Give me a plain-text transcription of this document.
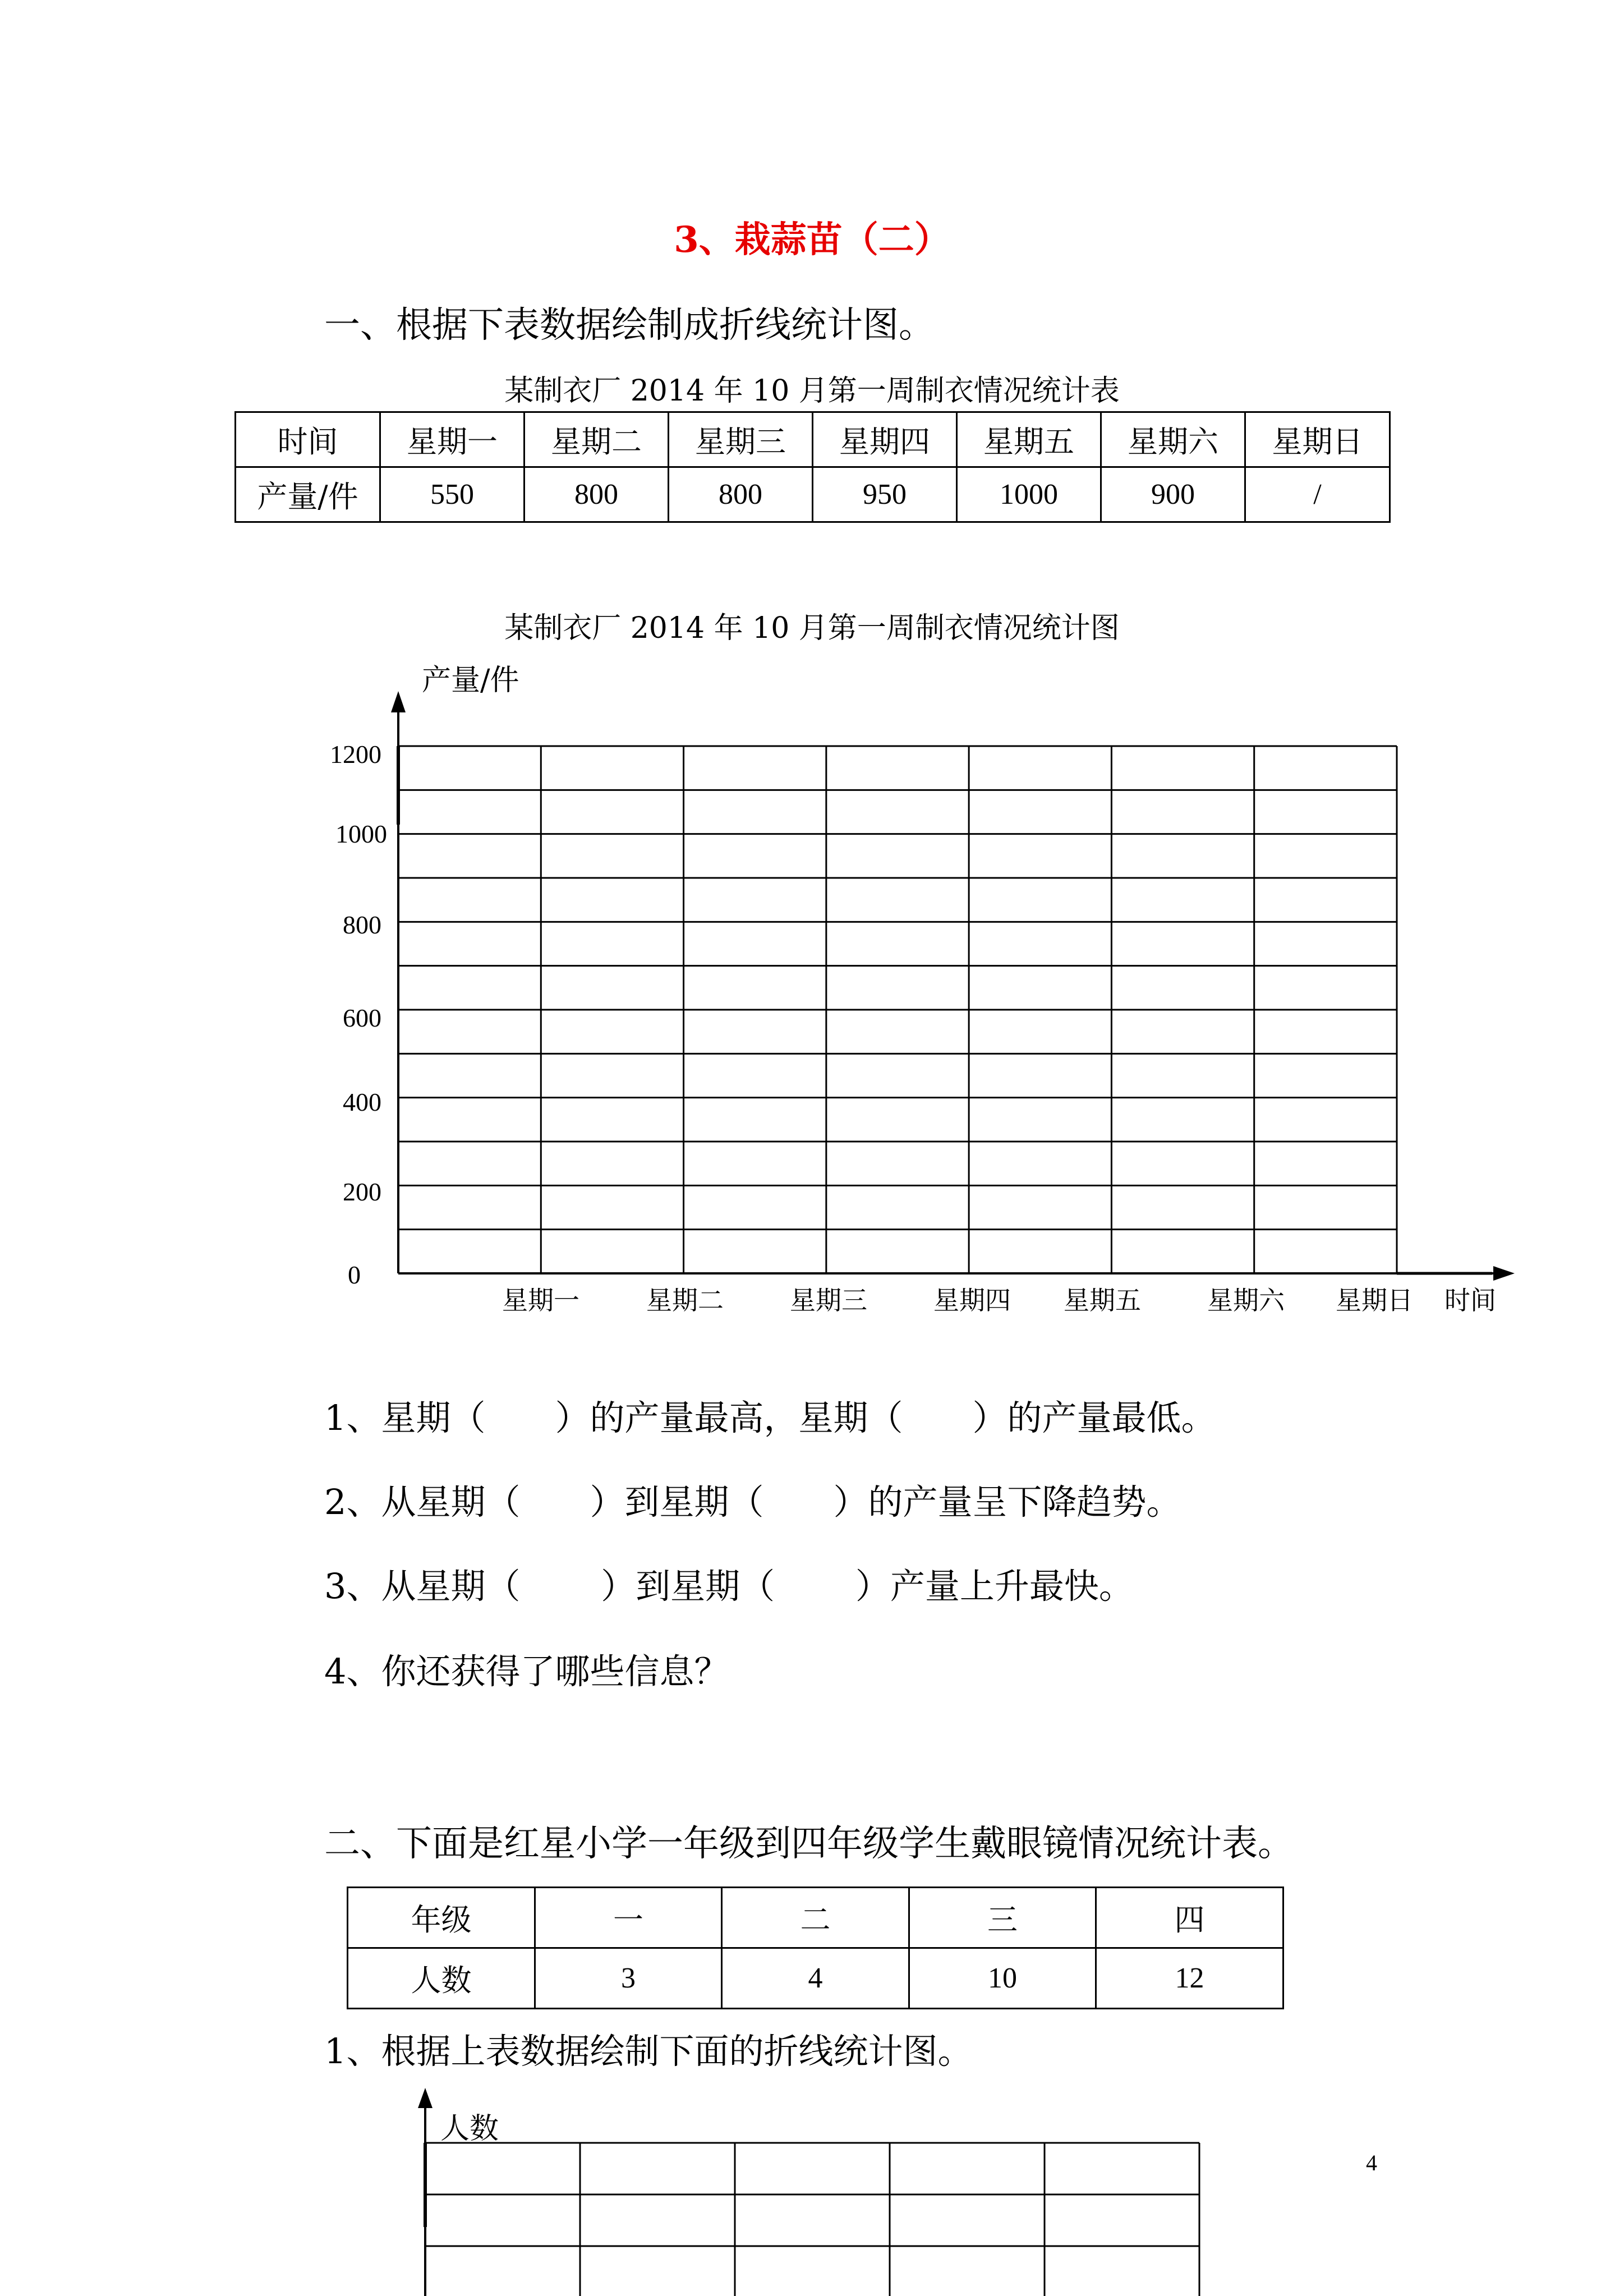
3、栽蒜苗（二）
一、根据下表数据绘制成折线统计图。
某制衣厂 2014 年 10 月第一周制衣情况统计表
时间	星期一	星期二	星期三	星期四	星期五	星期六	星期日
产量/件	550	800	800	950	1000	900	/
某制衣厂 2014 年 10 月第一周制衣情况统计图
产量/件
1200
1000
800
600
400
200
0
星期一	星期二	星期三	星期四	星期五	星期六	星期日	时间
1、星期（　　）的产量最高，星期（　　）的产量最低。
2、从星期（　　）到星期（　　）的产量呈下降趋势。
3、从星期（　　 ）到星期（　　 ）产量上升最快。
4、你还获得了哪些信息？
二、下面是红星小学一年级到四年级学生戴眼镜情况统计表。
年级	一	二	三	四
人数	3	4	10	12
1、根据上表数据绘制下面的折线统计图。
人数
4
